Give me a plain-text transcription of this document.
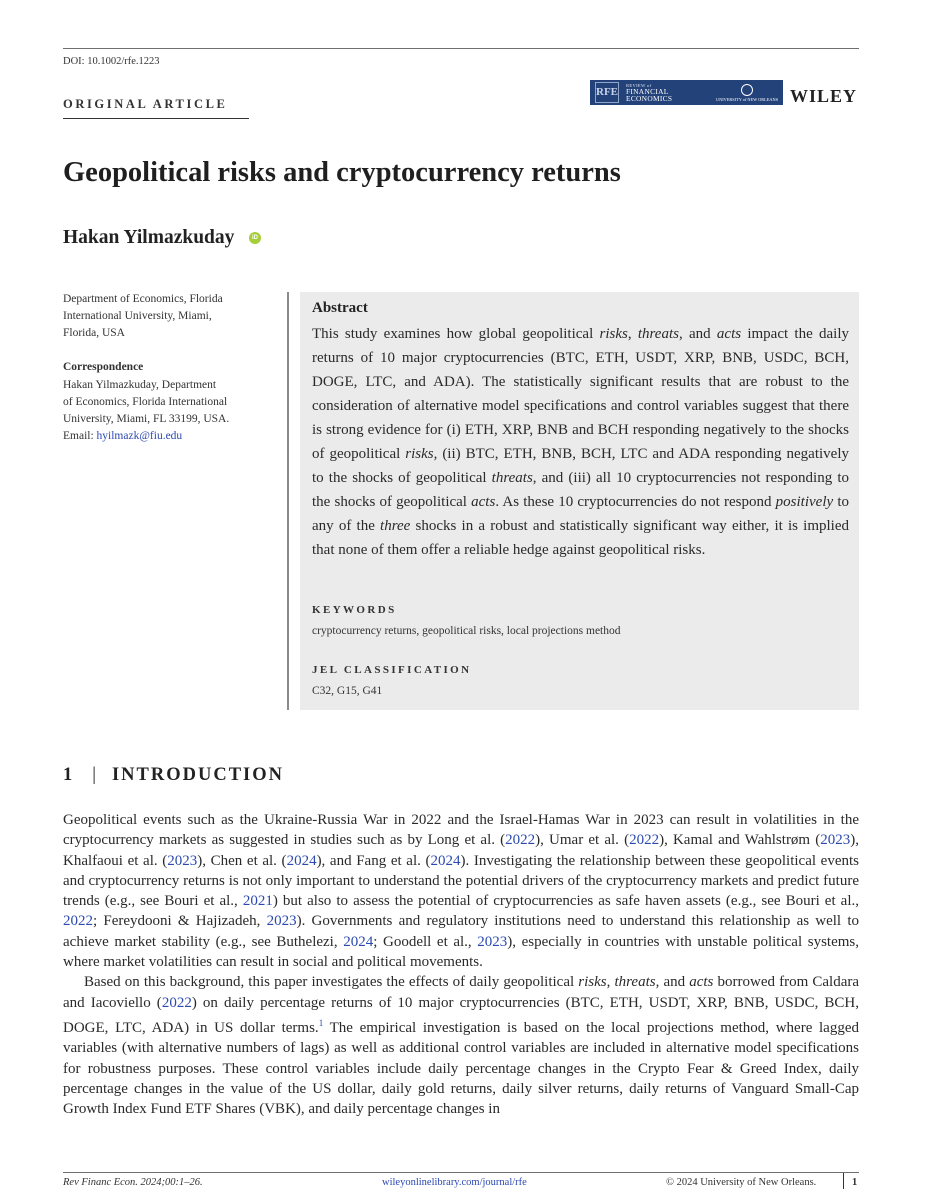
DOI: 10.1002/rfe.1223
ORIGINAL ARTICLE
RFE
REVIEW of
FINANCIAL
ECONOMICS	UNIVERSITY of NEW ORLEANS WILEY
Geopolitical risks and cryptocurrency returns
Hakan Yilmazkuday	iD
Department of Economics, Florida
International University, Miami,
Florida, USA
Correspondence
Hakan Yilmazkuday, Department
of Economics, Florida International
University, Miami, FL 33199, USA.
Email: hyilmazk@fiu.edu
Abstract
This study examines how global geopolitical risks, threats, and acts impact the daily returns of 10 major cryptocurrencies (BTC, ETH, USDT, XRP, BNB, USDC, BCH, DOGE, LTC, and ADA). The statistically significant results that are robust to the consideration of alternative model specifications and control variables suggest that there is strong evidence for (i) ETH, XRP, BNB and BCH responding negatively to the shocks of geopolitical risks, (ii) BTC, ETH, BNB, BCH, LTC and ADA responding negatively to the shocks of geopolitical threats, and (iii) all 10 cryptocurrencies not responding to the shocks of geopolitical acts. As these 10 cryptocurrencies do not respond positively to any of the three shocks in a robust and statistically significant way either, it is implied that none of them offer a reliable hedge against geopolitical risks.
KEYWORDS
cryptocurrency returns, geopolitical risks, local projections method
JEL CLASSIFICATION
C32, G15, G41
1 | INTRODUCTION

Geopolitical events such as the Ukraine-Russia War in 2022 and the Israel-Hamas War in 2023 can result in volatilities in the cryptocurrency markets as suggested in studies such as by Long et al. (2022), Umar et al. (2022), Kamal and Wahlstrøm (2023), Khalfaoui et al. (2023), Chen et al. (2024), and Fang et al. (2024). Investigating the relationship between these geopolitical events and cryptocurrency returns is not only important to understand the potential drivers of the cryptocurrency markets and predict future trends (e.g., see Bouri et al., 2021) but also to assess the potential of cryptocurrencies as safe haven assets (e.g., see Bouri et al., 2022; Fereydooni & Hajizadeh, 2023). Governments and regulatory institutions need to understand this relationship as well to achieve market stability (e.g., see Buthelezi, 2024; Goodell et al., 2023), especially in countries with unstable political systems, where market volatilities can result in social and political movements.

Based on this background, this paper investigates the effects of daily geopolitical risks, threats, and acts borrowed from Caldara and Iacoviello (2022) on daily percentage returns of 10 major cryptocurrencies (BTC, ETH, USDT, XRP, BNB, USDC, BCH, DOGE, LTC, ADA) in US dollar terms.$^1$ The empirical investigation is based on the local projections method, where lagged variables (with alternative numbers of lags) as well as additional control variables are included in alternative model specifications for robustness purposes. These control variables include daily percentage changes in the Crypto Fear & Greed Index, daily percentage changes in the value of the US dollar, daily gold returns, daily silver returns, daily returns of Vanguard Small-Cap Growth Index Fund ETF Shares (VBK), and daily percentage changes in

Rev Financ Econ. 2024;00:1–26.	wileyonlinelibrary.com/journal/rfe	© 2024 University of New Orleans.	1
